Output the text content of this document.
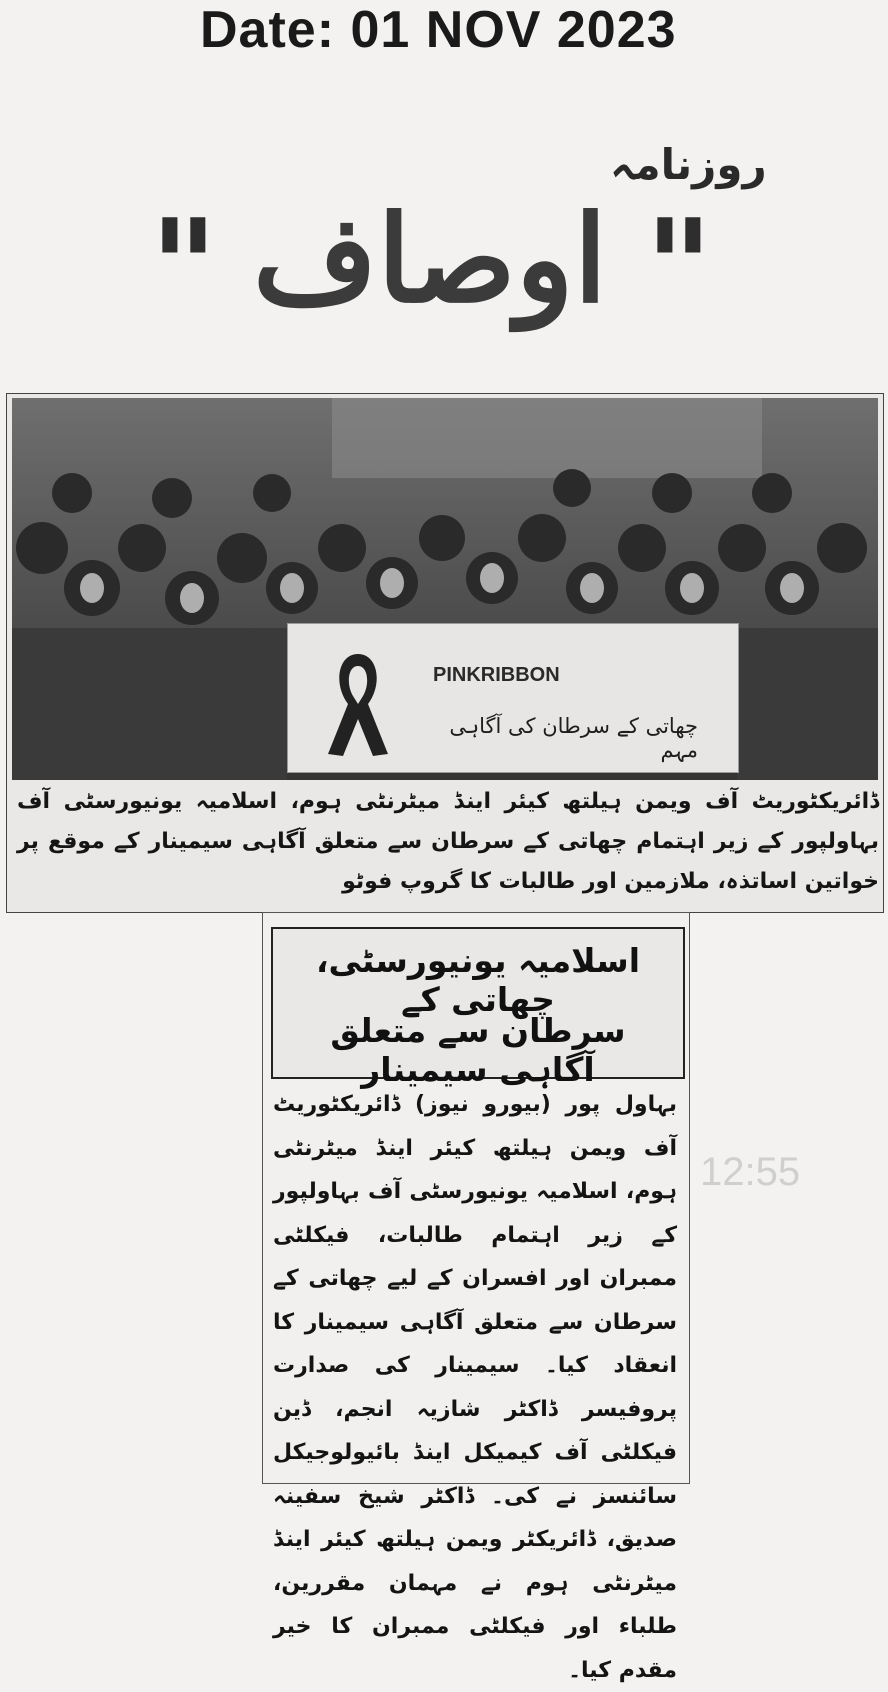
Date: 01 NOV 2023
روزنامہ
" اوصاف "
PINKRIBBON
چھاتی کے سرطان کی آگاہی مہم
ڈائریکٹوریٹ آف ویمن ہیلتھ کیئر اینڈ میٹرنٹی ہوم، اسلامیہ یونیورسٹی آف بہاولپور کے زیر اہتمام چھاتی کے سرطان سے متعلق آگاہی سیمینار کے موقع پر خواتین اساتذہ، ملازمین اور طالبات کا گروپ فوٹو
اسلامیہ یونیورسٹی، چھاتی کے
سرطان سے متعلق آگاہی سیمینار
بہاول پور (بیورو نیوز) ڈائریکٹوریٹ آف ویمن ہیلتھ کیئر اینڈ میٹرنٹی ہوم، اسلامیہ یونیورسٹی آف بہاولپور کے زیر اہتمام طالبات، فیکلٹی ممبران اور افسران کے لیے چھاتی کے سرطان سے متعلق آگاہی سیمینار کا انعقاد کیا۔ سیمینار کی صدارت پروفیسر ڈاکٹر شازیہ انجم، ڈین فیکلٹی آف کیمیکل اینڈ بائیولوجیکل سائنسز نے کی۔ ڈاکٹر شیخ سفینہ صدیق، ڈائریکٹر ویمن ہیلتھ کیئر اینڈ میٹرنٹی ہوم نے مہمان مقررین، طلباء اور فیکلٹی ممبران کا خیر مقدم کیا۔
12:55
